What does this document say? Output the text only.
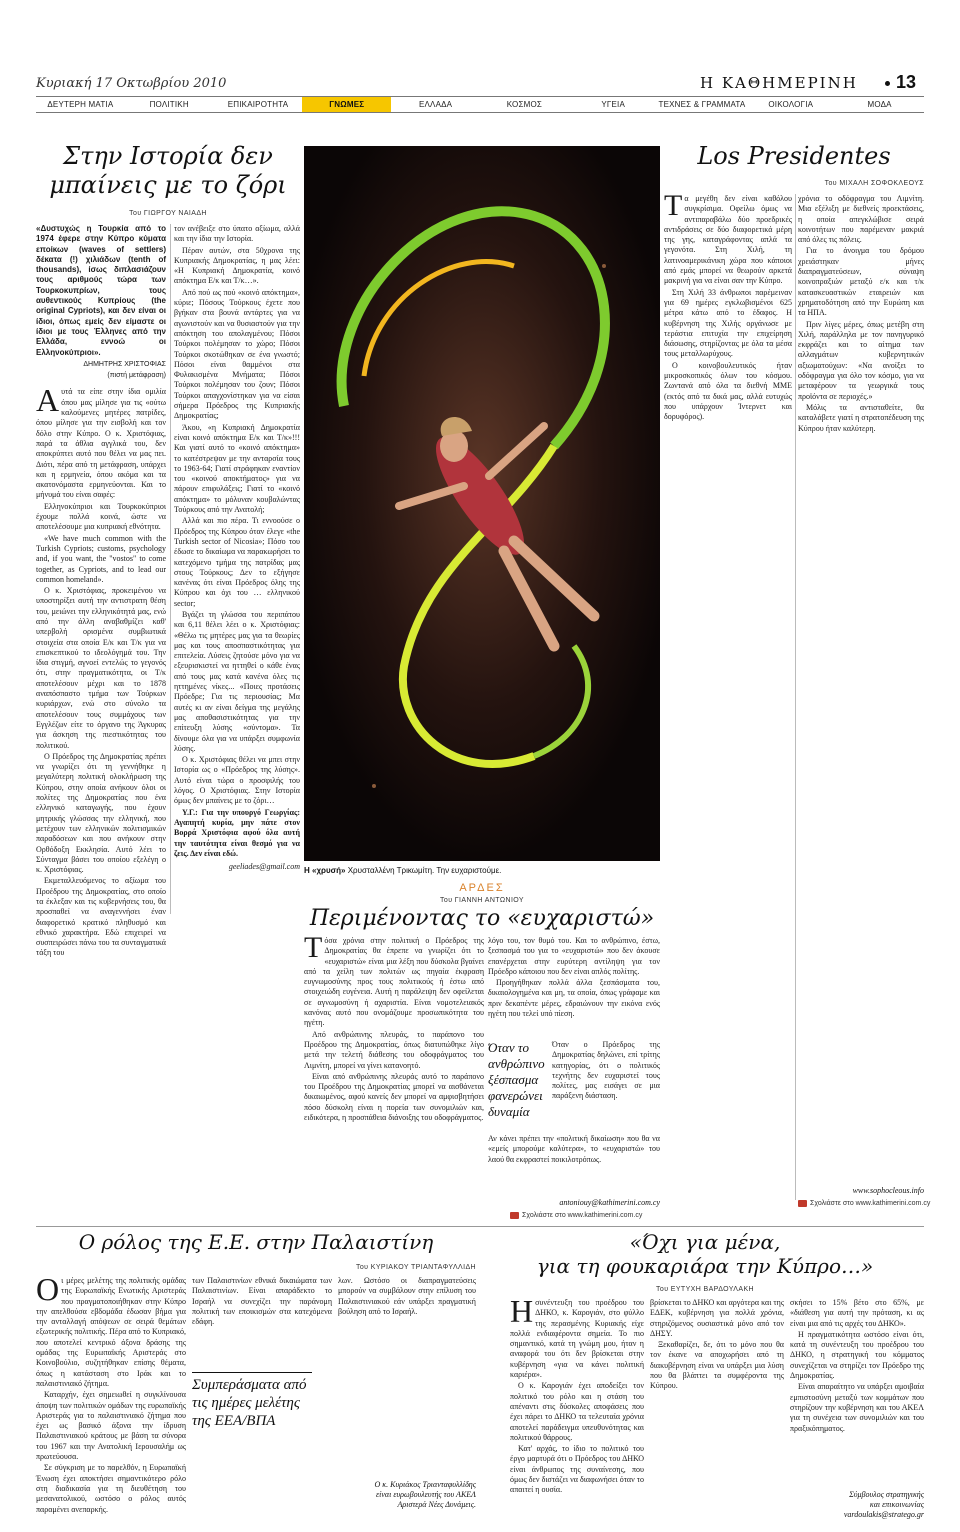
Κυριακή 17 Οκτωβρίου 2010	Η ΚΑΘΗΜΕΡΙΝΗ 13
ΔΕΥΤΕΡΗ ΜΑΤΙΑ	ΠΟΛΙΤΙΚΗ	ΕΠΙΚΑΙΡΟΤΗΤΑ	ΓΝΩΜΕΣ	ΕΛΛΑΔΑ	ΚΟΣΜΟΣ	ΥΓΕΙΑ	ΤΕΧΝΕΣ & ΓΡΑΜΜΑΤΑ	ΟΙΚΟΛΟΓΙΑ	ΜΟΔΑ
Στην Ιστορία δεν
μπαίνεις με το ζόρι
Του ΓΙΩΡΓΟΥ ΝΑΙΑΔΗ

«Δυστυχώς η Τουρκία από το 1974 έφερε στην Κύπρο κύματα εποίκων (waves of settlers) δέκατα (!) χιλιάδων (tenth of thousands), ίσως διπλασιάζουν τους αριθμούς τώρα των Τουρκοκυπρίων, τους αυθεντικούς Κυπρίους (the original Cypriots), και δεν είναι οι ίδιοι, όπως εμείς δεν είμαστε οι ίδιοι με τους Έλληνες από την Ελλάδα, εννοώ οι Ελληνοκύπριοι».

ΔΗΜΗΤΡΗΣ ΧΡΙΣΤΟΦΙΑΣ

(πιστή μετάφραση)

Αυτά τα είπε στην ίδια ομιλία όπου μας μίλησε για τις «ούτω καλούμενες μητέρες πατρίδες, όπου μίλησε για την εισβολή και τον δόλο στην Κύπρο. Ο κ. Χριστόφιας, παρά τα άθλια αγγλικά του, δεν αποκρύπτει αυτό που θέλει να μας πει. Διότι, πέρα από τη μετάφραση, υπάρχει και η ερμηνεία, όπου ακόμα και τα ακατονόμαστα ερμηνεύονται. Και το μήνυμά του είναι σαφές:

Ελληνοκύπριοι και Τουρκοκύπριοι έχουμε πολλά κοινά, ώστε να αποτελέσουμε μια κυπριακή εθνότητα.

«We have much common with the Turkish Cypriots; customs, psychology and, if you want, the "vostos" to come together, as Cypriots, and to lead our common homeland».

Ο κ. Χριστόφιας, προκειμένου να υποστηρίξει αυτή την αντιστρατη θέση του, μειώνει την ελληνικότητά μας, ενώ από την άλλη αναβαθμίζει καθ' υπερβολή ορισμένα συμβιωτικά στοιχεία στα οποία Ε/κ και Τ/κ για να επισκεπτικού το ιδεολόγημά του. Την ίδια στιγμή, αγνοεί εντελώς το γεγονός ότι, στην πραγματικότητα, οι Τ/κ αποτελέσουν μέχρι και το 1878 αναπόσπαστο τμήμα των Τούρκων κυριάρχων, ενώ στο σύνολο τα αποτελέσουν τους συμμάχους των Εγγλέζων είτε το όργανο της Άγκυρας για άσκηση της πιεστικότητας του πολιτικού.

Ο Πρόεδρος της Δημοκρατίας πρέπει να γνωρίζει ότι τη γεννήθηκε η μεγαλύτερη πολιτική ολοκλήρωση της Κύπρου, στην οποία ανήκουν όλοι οι πολίτες της Δημοκρατίας που ένα ελληνικό καταγωγής, που έχουν μητρικής γλώσσας την ελληνική, που μετέχουν των ελληνικών πολιτισμικών παραδόσεων και που ανήκουν στην Ορθόδοξη Εκκλησία. Αυτό λέει το Σύνταγμα βάσει του οποίου εξελέγη ο κ. Χριστόφιας.

Εκμεταλλευόμενος το αξίωμα του Προέδρου της Δημοκρατίας, στο οποίο τα έκλεξαν και τις κυβερνήσεις του, θα προσπαθεί να αναγεννήσει έναν διαφορετικό κρατικό πληθυσμό και εθνικό χαρακτήρα. Εδώ επιχειρεί να συσπειρώσει πάνω του τα συνταγματικά τάξη του

τον ανέβειξε στο ύπατο αξίωμα, αλλά και την ίδια την Ιστορία.

Πέραν αυτών, στα 50χρονα της Κυπριακής Δημοκρατίας, η μας λέει: «Η Κυπριακή Δημοκρατία, κοινό απόκτημα Ε/κ και Τ/κ…».

Από πού ως πού «κοινό απόκτημα», κύριε; Πόσους Τούρκους έχετε που βγήκαν στα βουνά αντάρτες για να αγωνιστούν και να θυσιαστούν για την απόκτηση του απολαγμένου; Πόσοι Τούρκοι πολέμησαν το χώρο; Πόσοι Τούρκοι σκοτώθηκαν σε ένα γνωστό; Πόσοι είναι θαμμένοι στα Φυλακισμένα Μνήματα; Πόσοι Τούρκοι πολέμησαν του ζουν; Πόσοι Τούρκοι απαγχονίστηκαν για να είσαι σήμερα Πρόεδρος της Κυπριακής Δημοκρατίας;

Άκου, «η Κυπριακή Δημοκρατία είναι κοινό απόκτημα Ε/κ και Τ/κ»!!! Και γιατί αυτό το «κοινό απόκτημα» το κατέστρεψαν με την ανταρσία τους το 1963-64; Γιατί στράφηκαν εναντίον του «κοινού αποκτήματος» για να πάρουν επιφυλάξεις; Γιατί το «κοινό απόκτημα» το μόλυναν κουβαλώντας Τούρκους από την Ανατολή;

Αλλά και πιο πέρα. Τι εννοούσε ο Πρόεδρος της Κύπρου όταν έλεγε «the Turkish sector of Nicosia»; Πόσο του έδωσε το δικαίωμα να παρακωρήσει το κατεχόμενο τμήμα της πατρίδας μας στους Τούρκους; Δεν το εξήγησε κανένας ότι είναι Πρόεδρος όλης της Κύπρου και όχι του … ελληνικού sector;

Βγάζει τη γλώσσα του περιπάτου και 6,11 θέλει λέει ο κ. Χριστόφιας: «Θέλω τις μητέρες μας για τα θεωρίες μας και τους αποσπαστικότητας για επιτελεία. Λύσεις ζητούσε μόνο για να εξευρισκιστεί να ηττηθεί ο κάθε ένας από τους μας κατά κανένα όλες τις ηττημένες νίκες... «Ποιες προτάσεις Πρόεδρε; Για τις περιουσίας; Μα αυτές κι αν είναι δείγμα της μεγάλης μας αποθασιστικότητας για την επίτευξη λύσης «σύντομα». Τα δίνουμε όλα για να υπάρξει συμφωνία λύσης.

Ο κ. Χριστόφιας θέλει να μπει στην Ιστορία ως ο «Πρόεδρος της λύσης». Αυτό είναι τώρα ο προσφιλής του λόγος. Ο Χριστόφιας. Στην Ιστορία όμως δεν μπαίνεις με το ζόρι…

Υ.Γ.: Για την υπουργό Γεωργίας: Αγαπητή κυρία, μην πάτε στον Βορρά Χριστόφια αφού όλα αυτή την ταυτότητα είναι θεσμό για να ζεις. Δεν είναι εδώ.

geeliades@gmail.com Η «χρυσή» Χρυσταλλένη Τρικωμίτη. Την ευχαριστούμε.
ΑΡΔΕΣ
Του ΓΙΑΝΝΗ ΑΝΤΩΝΙΟΥ
Περιμένοντας το «ευχαριστώ»

Τόσα χρόνια στην πολιτική ο Πρόεδρος της Δημοκρατίας θα έπρεπε να γνωρίζει ότι το «ευχαριστώ» είναι μια λέξη που δύσκολα βγαίνει από τα χείλη των πολιτών ως πηγαία έκφραση ευγνωμοσύνης προς τους πολιτικούς ή έστω από στοιχειώδη ευγένεια. Αυτή η παράλειψη δεν οφείλεται σε αγνωμοσύνη ή αχαριστία. Είναι νομοτελειακός κανόνας αυτό που ονομάζουμε προσωπικότητα του ηγέτη.

Από ανθρώπινης πλευράς, το παράπονο του Προέδρου της Δημοκρατίας, όπως διατυπώθηκε λίγο μετά την τελετή διάθεσης του οδοφράγματος του Λιμνίτη, μπορεί να γίνει κατανοητό.

Είναι από ανθρώπινης πλευράς αυτό το παράπονο του Προέδρου της Δημοκρατίας μπορεί να αισθάνεται δικαιωμένος, αφού κανείς δεν μπορεί να αμφισβητήσει πόσο δύσκολη είναι η πορεία των συνομιλιών και, ειδικότερα, η προσπάθεια διάνοιξης του οδοφράγματος.

λόγο του, τον θυμό του. Και το ανθρώπινο, έστω, ξεσπασμά του για το «ευχαριστώ» που δεν άκουσε επανέρχεται στην ευρύτερη αντίληψη για τον Πρόεδρο κάποιου που δεν είναι απλός πολίτης.

Προηγήθηκαν πολλά άλλα ξεσπάσματα του, δικαιολογημένα και μη, τα οποία, όπως γράφαμε και πριν δεκαπέντε μέρες, εδραιώνουν την εικόνα ενός ηγέτη που τελεί υπό πίεση.

Όταν το ανθρώπινο ξέσπασμα φανερώνει δυναμία

Όταν ο Πρόεδρος της Δημοκρατίας δηλώνει, επί τρίτης κατηγορίας, ότι ο πολιτικός τεχνήτης δεν ευχαριστεί τους πολίτες, μας εισάγει σε μια παράξενη διάσταση.

Αν κάνει πρέπει την «πολιτική δικαίωση» που θα να «εμείς μπορούμε καλύτερα», το «ευχαριστώ» του λαού θα εκφραστεί ποικιλοτρόπως.

antoniouy@kathimerini.com.cy
Σχολιάστε στο www.kathimerini.com.cy
Los Presidentes
Του ΜΙΧΑΛΗ ΣΟΦΟΚΛΕΟΥΣ

Τα μεγέθη δεν είναι καθόλου συγκρίσιμα. Οφείλω όμως να αντιπαραβάλω δύο προεδρικές αντιδράσεις σε δύο διαφορετικά μέρη της γης, καταγράφοντας απλά τα γεγονότα. Στη Χιλή, τη λατινοαμερικάνικη χώρα που κάποιοι από εμάς μπορεί να θεωρούν αρκετά μακρινή για να είναι σαν την Κύπρο.

Στη Χιλή 33 άνθρωποι παρέμειναν για 69 ημέρες εγκλωβισμένοι 625 μέτρα κάτω από το έδαφος. Η κυβέρνηση της Χιλής οργάνωσε με τεράστια επιτυχία την επιχείρηση διάσωσης, στηρίζοντας με όλα τα μέσα τους μεταλλωρύχους.

Ο κοινοβουλευτικός ήταν μικροσκοπικός όλων του κόσμου. Ζωντανά από όλα τα διεθνή ΜΜΕ (εκτός από τα δικά μας, αλλά ευτυχώς που υπάρχουν Ίντερνετ και δορυφόρος).

χρόνια το οδόφραγμα του Λιμνίτη. Μια εξέλιξη με διεθνείς προεκτάσεις, η οποία απεγκλώβισε σειρά κοινοτήτων που παρέμεναν μακριά από όλες τις πόλεις.

Για το άνοιγμα του δρόμου χρειάστηκαν μήνες διαπραγματεύσεων, σύναψη κοινοπραξιών μεταξύ ε/κ και τ/κ κατασκευαστικών εταιρειών και χρηματοδότηση από την Ευρώπη και τα ΗΠΑ.

Πριν λίγες μέρες, όπως μετέβη στη Χιλή, παράλληλα με τον πανηγυρικό εκφράζει και το αίτημα των αλλαγμάτων κυβερνητικών αξιωματούχων: «Να ανοίξει το οδόφραγμα για όλο τον κόσμο, για να μεταφέρουν τα γεωργικά τους προϊόντα σε περιοχές.»

Μόλις τα αντισταθείτε, θα καταλάβετε γιατί η στρατοπέδευση της Κύπρου ήταν καλύτερη.

www.sophocleous.info
Σχολιάστε στο www.kathimerini.com.cy
Ο ρόλος της Ε.Ε. στην Παλαιστίνη
Του ΚΥΡΙΑΚΟΥ ΤΡΙΑΝΤΑΦΥΛΛΙΔΗ

Οι μέρες μελέτης της πολιτικής ομάδας της Ευρωπαϊκής Ενωτικής Αριστεράς που πραγματοποιήθηκαν στην Κύπρο την απελθούσα εβδομάδα έδωσαν βήμα για την ανταλλαγή απόψεων σε σειρά θεμάτων εξωτερικής πολιτικής. Πέρα από το Κυπριακό, που αποτελεί κεντρικό άξονα δράσης της ομάδας της Ευρωπαϊκής Αριστεράς στο Κοινοβούλιο, συζητήθηκαν επίσης θέματα, όπως η κατάσταση στο Ιράκ και το παλαιστινιακό ζήτημα.

Καταρχήν, έχει σημειωθεί η συγκλίνουσα άποψη των πολιτικών ομάδων της ευρωπαϊκής Αριστεράς για το παλαιστινιακό ζήτημα που έχει ως βασικό άξονα την ίδρυση Παλαιστινιακού κράτους με βάση τα σύνορα του 1967 και την Ανατολική Ιερουσαλήμ ως πρωτεύουσα.

Σε σύγκριση με το παρελθόν, η Ευρωπαϊκή Ένωση έχει αποκτήσει σημαντικότερο ρόλο στη διαδικασία για τη διευθέτηση του μεσανατολικού, ωστόσο ο ρόλος αυτός παραμένει ανεπαρκής.

των Παλαιστινίων εθνικά δικαιώματα των Παλαιστινίων. Είναι απαράδεκτο το Ισραήλ να συνεχίζει την παράνομη πολιτική των εποικισμών στα κατεχόμενα εδάφη.

Συμπεράσματα από τις ημέρες μελέτης της ΕΕΑ/ΒΠΑ

λων. Ωστόσο οι διαπραγματεύσεις μπορούν να συμβάλουν στην επίλυση του Παλαιστινιακού εάν υπάρξει πραγματική βούληση από το Ισραήλ.

Ο κ. Κυριάκος Τριανταφυλλίδης
είναι ευρωβουλευτής του ΑΚΕΛ
Αριστερά Νέες Δυνάμεις.
«Όχι για μένα,
για τη φουκαριάρα την Κύπρο…»
Του ΕΥΤΥΧΗ ΒΑΡΔΟΥΛΑΚΗ

Ησυνέντευξη του προέδρου του ΔΗΚΟ, κ. Καρογιάν, στο φύλλο της περασμένης Κυριακής είχε πολλά ενδιαφέροντα σημεία. Το πιο σημαντικό, κατά τη γνώμη μου, ήταν η αναφορά του ότι δεν βρίσκεται στην κυβέρνηση «για να κάνει πολιτική καριέρα».

Ο κ. Καρογιάν έχει αποδείξει τον πολιτικό του ρόλο και η στάση του απέναντι στις δύσκολες αποφάσεις που έχει πάρει το ΔΗΚΟ τα τελευταία χρόνια αποτελεί παράδειγμα υπευθυνότητας και πολιτικού θάρρους.

Κατ' αρχάς, το ίδιο το πολιτικό του έργο μαρτυρά ότι ο Πρόεδρος του ΔΗΚΟ είναι άνθρωπος της συναίνεσης, που όμως δεν διστάζει να διαφωνήσει όταν το απαιτεί η ουσία.

βρίσκεται το ΔΗΚΟ και αργότερα και της ΕΔΕΚ, κυβέρνηση για πολλά χρόνια, στηριζόμενος ουσιαστικά μόνο από τον ΔΗΣΥ.

Ξεκαθαρίζει, δε, ότι το μόνο που θα τον έκανε να αποχωρήσει από τη διακυβέρνηση είναι να υπάρξει μια λύση που θα βλάπτει τα συμφέροντα της Κύπρου.

σκήσει το 15% βέτο στο 65%, με «διάθεση για αυτή την πρόταση, κι ας είναι μια από τις αρχές του ΔΗΚΟ».

Η πραγματικότητα ωστόσο είναι ότι, κατά τη συνέντευξη του προέδρου του ΔΗΚΟ, η στρατηγική του κόμματος συνεχίζεται να στηρίζει τον Πρόεδρο της Δημοκρατίας.

Είναι απαραίτητο να υπάρξει αμοιβαία εμπιστοσύνη μεταξύ των κομμάτων που στηρίζουν την κυβέρνηση και του ΑΚΕΛ για τη συνέχεια των συνομιλιών και του πραξικόπηματος.

Σύμβουλος στρατηγικής
και επικοινωνίας
vardoulakis@stratego.gr
